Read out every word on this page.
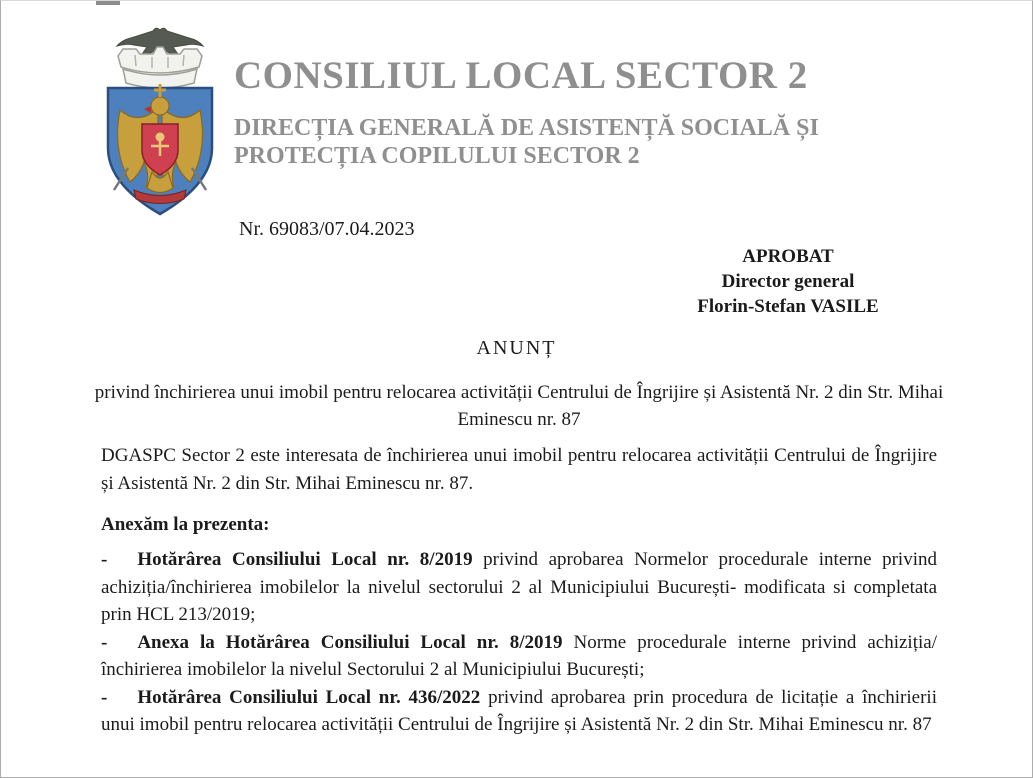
CONSILIUL LOCAL SECTOR 2
DIRECȚIA GENERALĂ DE ASISTENȚĂ SOCIALĂ ȘI
PROTECȚIA COPILULUI SECTOR 2
Nr. 69083/07.04.2023
APROBAT
Director general
Florin-Stefan VASILE
ANUNȚ
privind închirierea unui imobil pentru relocarea activității Centrului de Îngrijire și Asistentă Nr. 2 din Str. Mihai Eminescu nr. 87
DGASPC Sector 2 este interesata de închirierea unui imobil pentru relocarea activității Centrului de Îngrijire și Asistentă Nr. 2 din Str. Mihai Eminescu nr. 87.
Anexăm la prezenta:

- Hotărârea Consiliului Local nr. 8/2019 privind aprobarea Normelor procedurale interne privind achiziția/închirierea imobilelor la nivelul sectorului 2 al Municipiului București- modificata si completata prin HCL 213/2019;

- Anexa la Hotărârea Consiliului Local nr. 8/2019 Norme procedurale interne privind achiziția/închirierea imobilelor la nivelul Sectorului 2 al Municipiului București;

- Hotărârea Consiliului Local nr. 436/2022 privind aprobarea prin procedura de licitație a închirierii unui imobil pentru relocarea activității Centrului de Îngrijire și Asistentă Nr. 2 din Str. Mihai Eminescu nr. 87
